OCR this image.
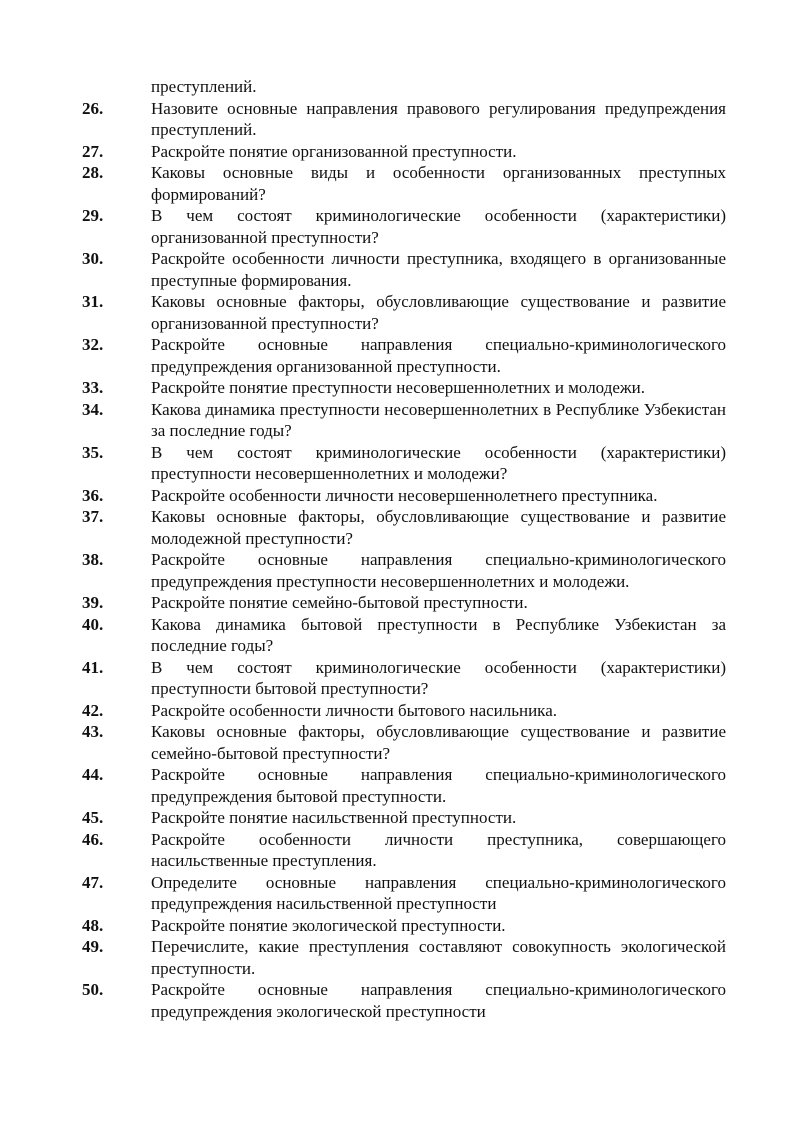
преступлений.
26.	Назовите основные направления правового регулирования предупреждения преступлений.
27.	Раскройте понятие организованной преступности.
28.	Каковы основные виды и особенности организованных преступных формирований?
29.	В чем состоят криминологические особенности (характеристики) организованной преступности?
30.	Раскройте особенности личности преступника, входящего в организованные преступные формирования.
31.	Каковы основные факторы, обусловливающие существование и развитие организованной преступности?
32.	Раскройте основные направления специально-криминологического предупреждения организованной преступности.
33.	Раскройте понятие преступности несовершеннолетних и молодежи.
34.	Какова динамика преступности несовершеннолетних в Республике Узбекистан за последние годы?
35.	В чем состоят криминологические особенности (характеристики) преступности несовершеннолетних и молодежи?
36.	Раскройте особенности личности несовершеннолетнего преступника.
37.	Каковы основные факторы, обусловливающие существование и развитие молодежной преступности?
38.	Раскройте основные направления специально-криминологического предупреждения преступности несовершеннолетних и молодежи.
39.	Раскройте понятие семейно-бытовой преступности.
40.	Какова динамика бытовой преступности в Республике Узбекистан за последние годы?
41.	В чем состоят криминологические особенности (характеристики) преступности бытовой преступности?
42.	Раскройте особенности личности бытового насильника.
43.	Каковы основные факторы, обусловливающие существование и развитие семейно-бытовой преступности?
44.	Раскройте основные направления специально-криминологического предупреждения бытовой преступности.
45.	Раскройте понятие насильственной преступности.
46.	Раскройте особенности личности преступника, совершающего насильственные преступления.
47.	Определите основные направления специально-криминологического предупреждения насильственной преступности
48.	Раскройте понятие экологической преступности.
49.	Перечислите, какие преступления составляют совокупность экологической преступности.
50.	Раскройте основные направления специально-криминологического предупреждения экологической преступности
